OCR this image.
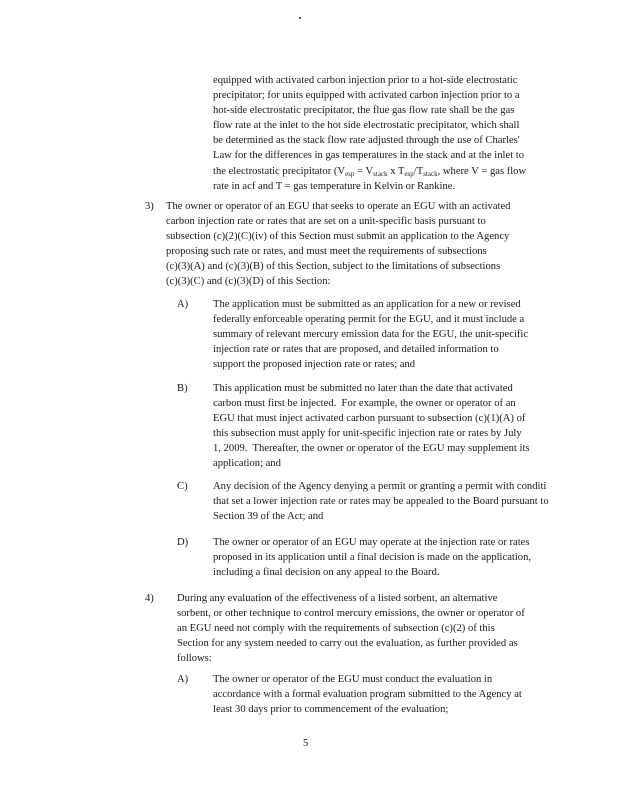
equipped with activated carbon injection prior to a hot-side electrostatic
precipitator; for units equipped with activated carbon injection prior to a
hot-side electrostatic precipitator, the flue gas flow rate shall be the gas
flow rate at the inlet to the hot side electrostatic precipitator, which shall
be determined as the stack flow rate adjusted through the use of Charles'
Law for the differences in gas temperatures in the stack and at the inlet to
the electrostatic precipitator ($V_{esp} = V_{stack}$ x $T_{esp}/T_{stack}$, where V = gas flow
rate in acf and T = gas temperature in Kelvin or Rankine.
3) The owner or operator of an EGU that seeks to operate an EGU with an activated
carbon injection rate or rates that are set on a unit-specific basis pursuant to
subsection (c)(2)(C)(iv) of this Section must submit an application to the Agency
proposing such rate or rates, and must meet the requirements of subsections
(c)(3)(A) and (c)(3)(B) of this Section, subject to the limitations of subsections
(c)(3)(C) and (c)(3)(D) of this Section:
A) The application must be submitted as an application for a new or revised
federally enforceable operating permit for the EGU, and it must include a
summary of relevant mercury emission data for the EGU, the unit-specific
injection rate or rates that are proposed, and detailed information to
support the proposed injection rate or rates; and
B) This application must be submitted no later than the date that activated
carbon must first be injected.  For example, the owner or operator of an
EGU that must inject activated carbon pursuant to subsection (c)(1)(A) of
this subsection must apply for unit-specific injection rate or rates by July
1, 2009.  Thereafter, the owner or operator of the EGU may supplement its
application; and
C) Any decision of the Agency denying a permit or granting a permit with conditi
that set a lower injection rate or rates may be appealed to the Board pursuant to
Section 39 of the Act; and
D) The owner or operator of an EGU may operate at the injection rate or rates
proposed in its application until a final decision is made on the application,
including a final decision on any appeal to the Board.
4) During any evaluation of the effectiveness of a listed sorbent, an alternative
sorbent, or other technique to control mercury emissions, the owner or operator of
an EGU need not comply with the requirements of subsection (c)(2) of this
Section for any system needed to carry out the evaluation, as further provided as
follows:
A) The owner or operator of the EGU must conduct the evaluation in
accordance with a formal evaluation program submitted to the Agency at
least 30 days prior to commencement of the evaluation;
5
